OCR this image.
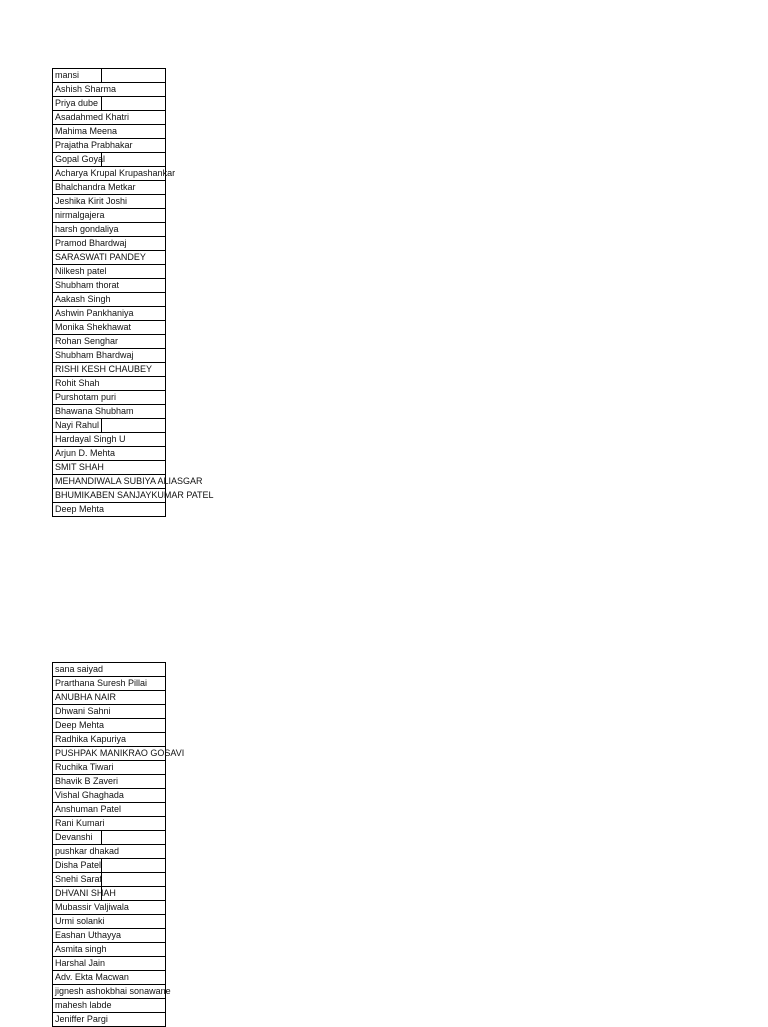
mansi
Ashish Sharma
Priya dube
Asadahmed Khatri
Mahima Meena
Prajatha Prabhakar
Gopal Goyal
Acharya Krupal Krupashankar
Bhalchandra Metkar
Jeshika Kirit Joshi
nirmalgajera
harsh gondaliya
Pramod Bhardwaj
SARASWATI PANDEY
Nilkesh patel
Shubham thorat
Aakash Singh
Ashwin Pankhaniya
Monika Shekhawat
Rohan Senghar
Shubham Bhardwaj
RISHI KESH CHAUBEY
Rohit Shah
Purshotam puri
Bhawana Shubham
Nayi Rahul
Hardayal Singh U
Arjun D. Mehta
SMIT SHAH
MEHANDIWALA SUBIYA ALIASGAR
BHUMIKABEN SANJAYKUMAR PATEL
Deep Mehta
sana saiyad
Prarthana Suresh Pillai
ANUBHA NAIR
Dhwani Sahni
Deep Mehta
Radhika Kapuriya
PUSHPAK MANIKRAO GOSAVI
Ruchika Tiwari
Bhavik B Zaveri
Vishal Ghaghada
Anshuman Patel
Rani Kumari
Devanshi
pushkar dhakad
Disha Patel
Snehi Saraf
DHVANI SHAH
Mubassir Valjiwala
Urmi solanki
Eashan Uthayya
Asmita singh
Harshal Jain
Adv. Ekta Macwan
jignesh ashokbhai sonawane
mahesh labde
Jeniffer Pargi
